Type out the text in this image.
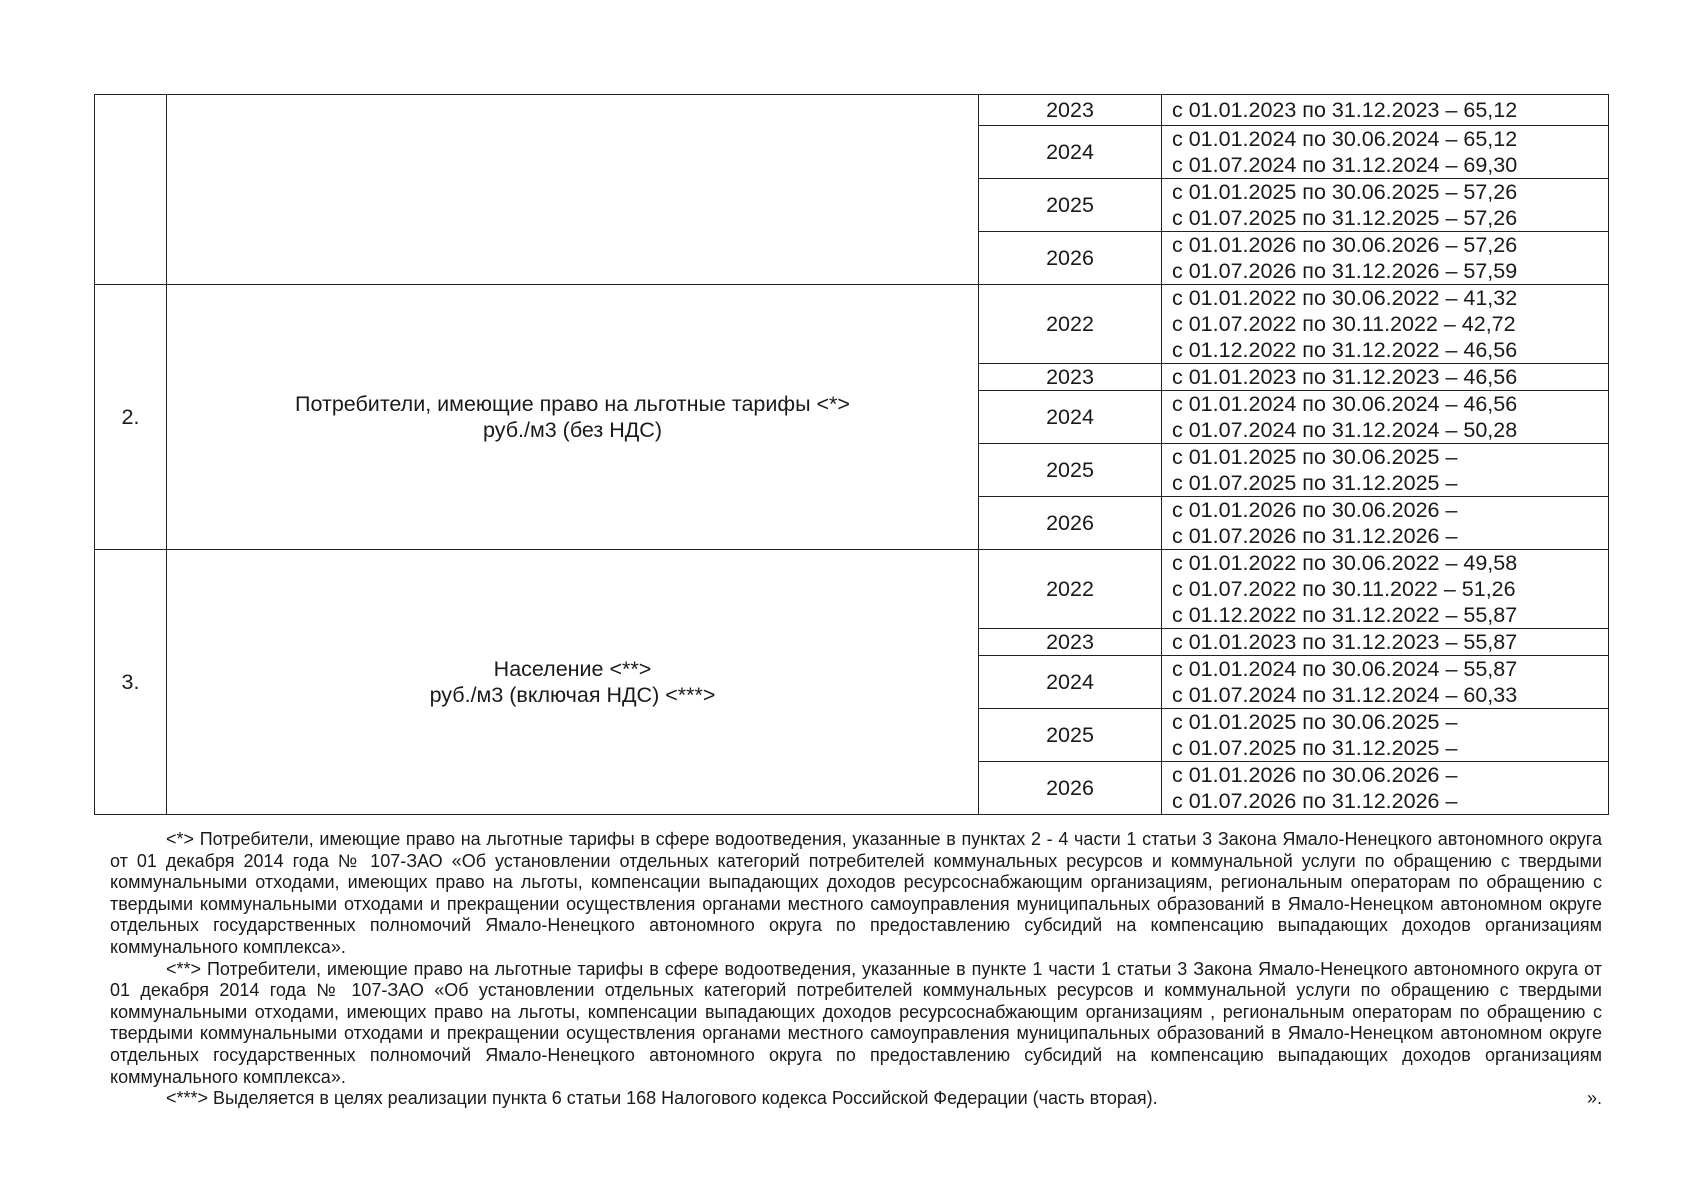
		2023	с 01.01.2023 по 31.12.2023 – 65,12

		2024	с 01.01.2024 по 30.06.2024 – 65,12
с 01.07.2024 по 31.12.2024 – 69,30

		2025	с 01.01.2025 по 30.06.2025 – 57,26
с 01.07.2025 по 31.12.2025 – 57,26

		2026	с 01.01.2026 по 30.06.2026 – 57,26
с 01.07.2026 по 31.12.2026 – 57,59

2.	Потребители, имеющие право на льготные тарифы <*>
руб./м3 (без НДС)	2022	с 01.01.2022 по 30.06.2022 – 41,32
с 01.07.2022 по 30.11.2022 – 42,72
с 01.12.2022 по 31.12.2022 – 46,56

		2023	с 01.01.2023 по 31.12.2023 – 46,56

		2024	с 01.01.2024 по 30.06.2024 – 46,56
с 01.07.2024 по 31.12.2024 – 50,28

		2025	с 01.01.2025 по 30.06.2025 –
с 01.07.2025 по 31.12.2025 –

		2026	с 01.01.2026 по 30.06.2026 –
с 01.07.2026 по 31.12.2026 –

3.	Население <**>
руб./м3 (включая НДС) <***>	2022	с 01.01.2022 по 30.06.2022 – 49,58
с 01.07.2022 по 30.11.2022 – 51,26
с 01.12.2022 по 31.12.2022 – 55,87

		2023	с 01.01.2023 по 31.12.2023 – 55,87

		2024	с 01.01.2024 по 30.06.2024 – 55,87
с 01.07.2024 по 31.12.2024 – 60,33

		2025	с 01.01.2025 по 30.06.2025 –
с 01.07.2025 по 31.12.2025 –

		2026	с 01.01.2026 по 30.06.2026 –
с 01.07.2026 по 31.12.2026 –

<*> Потребители, имеющие право на льготные тарифы в сфере водоотведения, указанные в пунктах 2 - 4 части 1 статьи 3 Закона Ямало-Ненецкого автономного округа от 01 декабря 2014 года № 107-ЗАО «Об установлении отдельных категорий потребителей коммунальных ресурсов и коммунальной услуги по обращению с твердыми коммунальными отходами, имеющих право на льготы, компенсации выпадающих доходов ресурсоснабжающим организациям, региональным операторам по обращению с твердыми коммунальными отходами и прекращении осуществления органами местного самоуправления муниципальных образований в Ямало-Ненецком автономном округе отдельных государственных полномочий Ямало-Ненецкого автономного округа по предоставлению субсидий на компенсацию выпадающих доходов организациям коммунального комплекса».

<**> Потребители, имеющие право на льготные тарифы в сфере водоотведения, указанные в пункте 1 части 1 статьи 3 Закона Ямало-Ненецкого автономного округа от 01 декабря 2014 года № 107-ЗАО «Об установлении отдельных категорий потребителей коммунальных ресурсов и коммунальной услуги по обращению с твердыми коммунальными отходами, имеющих право на льготы, компенсации выпадающих доходов ресурсоснабжающим организациям , региональным операторам по обращению с твердыми коммунальными отходами и прекращении осуществления органами местного самоуправления муниципальных образований в Ямало-Ненецком автономном округе отдельных государственных полномочий Ямало-Ненецкого автономного округа по предоставлению субсидий на компенсацию выпадающих доходов организациям коммунального комплекса».

<***> Выделяется в целях реализации пункта 6 статьи 168 Налогового кодекса Российской Федерации (часть вторая).	».
